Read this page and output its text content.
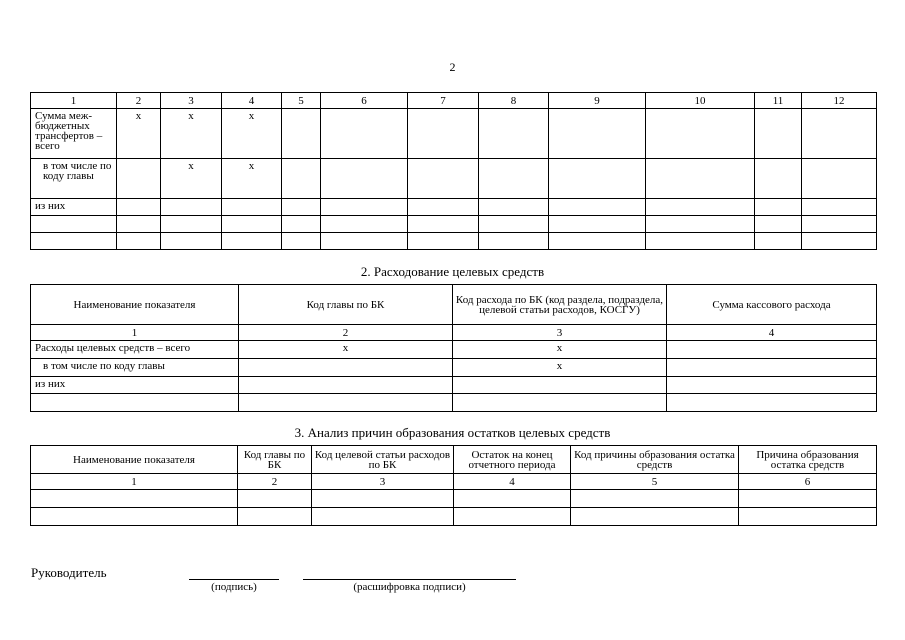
2
1	2	3	4	5	6	7	8	9	10	11	12
Сумма меж-бюджетных трансфертов – всего	x	x	x								
в том числе по коду главы		x	x								
из них											

2. Расходование целевых средств
Наименование показателя	Код главы по БК	Код расхода по БК (код раздела, подраздела, целевой статьи расходов, КОСГУ)	Сумма кассового расхода
1	2	3	4
Расходы целевых средств – всего	x	x	
в том числе по коду главы		x	
из них			

3. Анализ причин образования остатков целевых средств
Наименование показателя	Код главы по БК	Код целевой статьи расходов по БК	Остаток на конец отчетного периода	Код причины образования остатка средств	Причина образования остатка средств
1	2	3	4	5	6

Руководитель
(подпись)	(расшифровка подписи)
